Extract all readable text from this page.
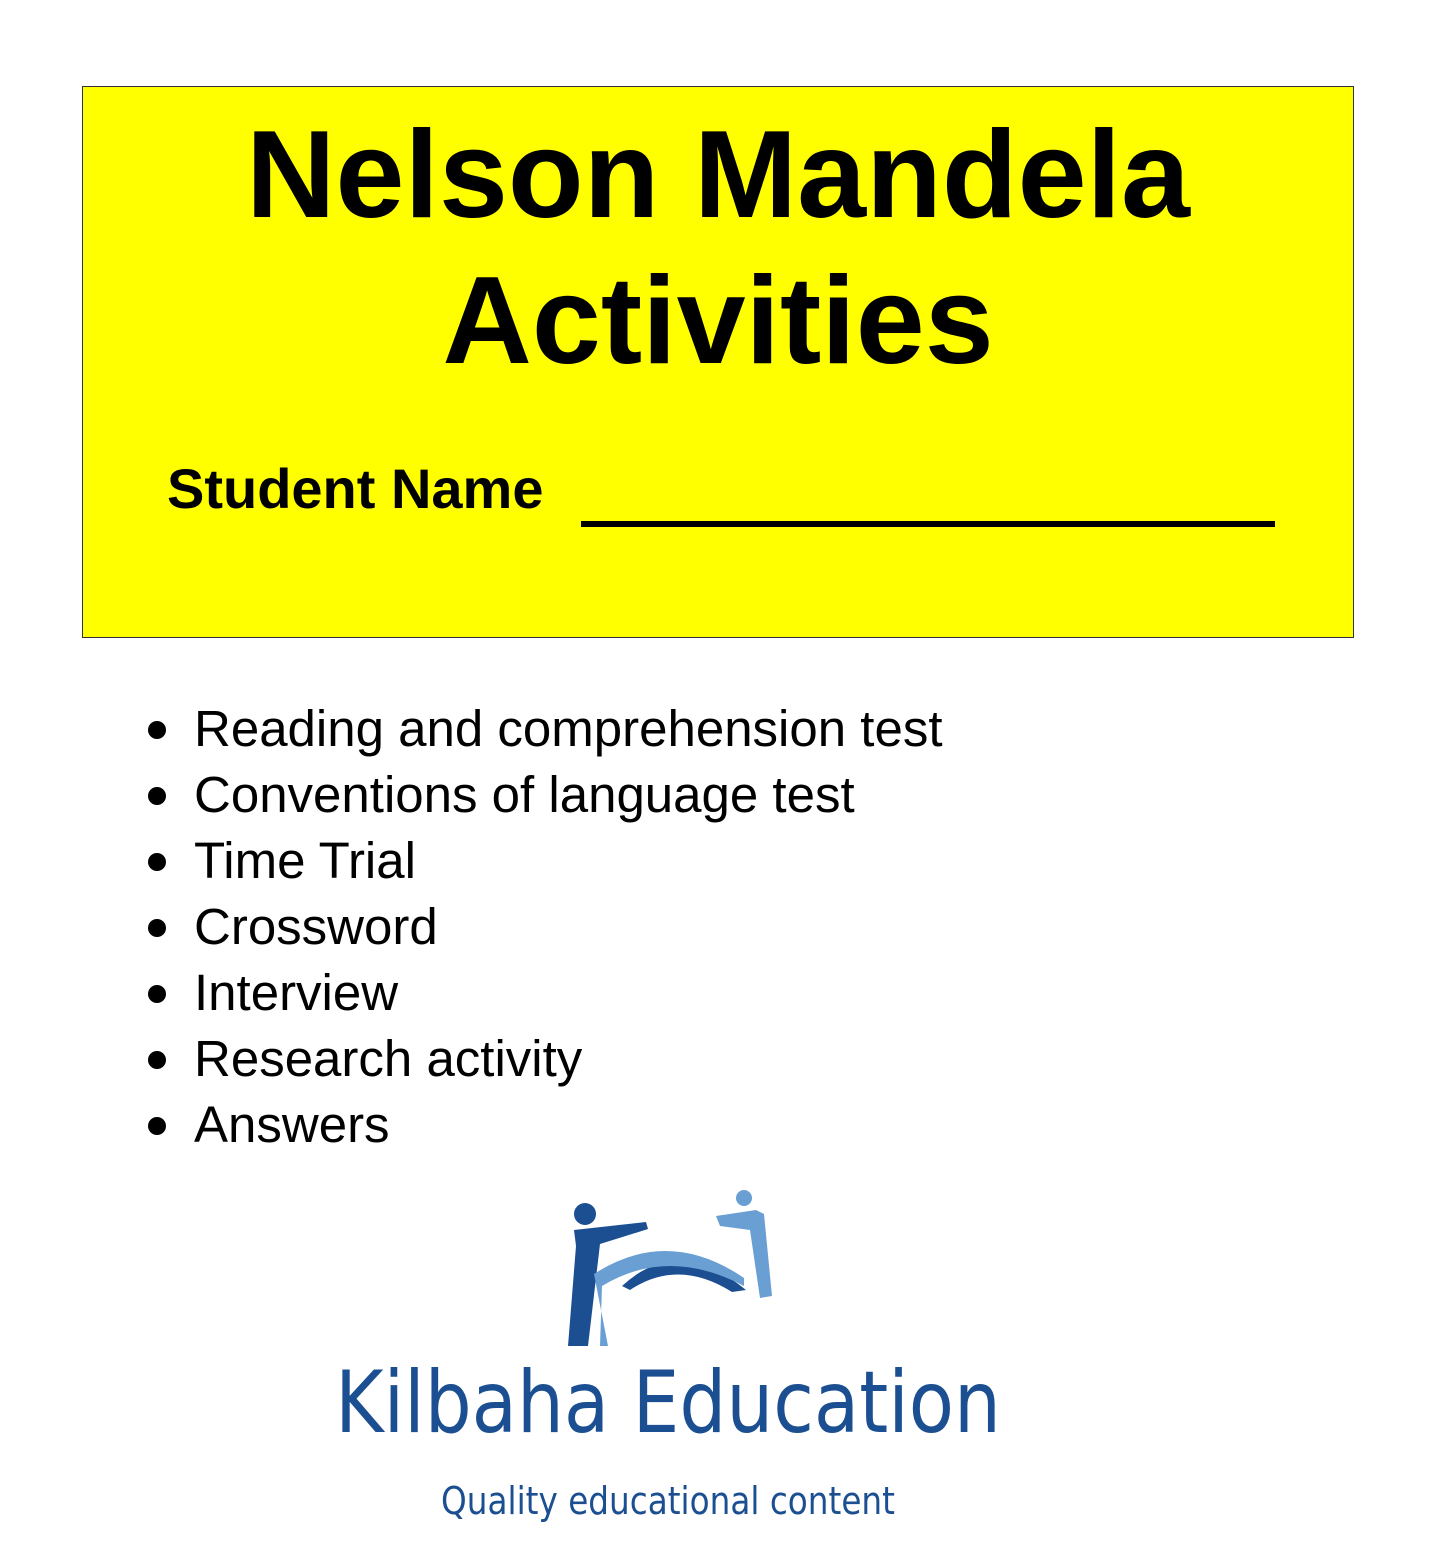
Nelson Mandela
Activities
Student Name
Reading and comprehension test
Conventions of language test
Time Trial
Crossword
Interview
Research activity
Answers
Kilbaha Education
Quality educational content
